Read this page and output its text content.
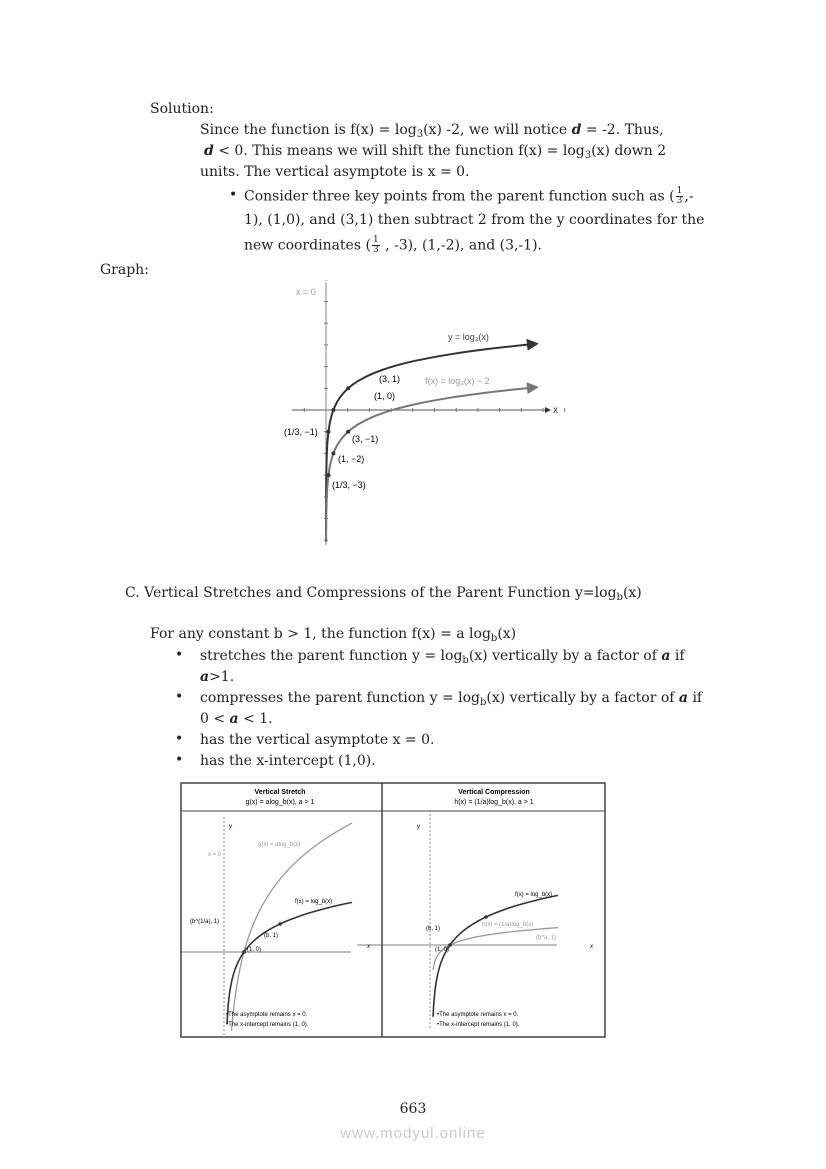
Solution:
Since the function is $f(x) = \log_3(x)$ -2, we will notice d = -2. Thus,
d < 0. This means we will shift the function $f(x) = \log_3(x)$ down 2
units. The vertical asymptote is x = 0.
Consider three key points from the parent function such as ( $\frac{1}{3}$ ,-
1), (1,0), and (3,1) then subtract 2 from the y coordinates for the
new coordinates ( $\frac{1}{3}$ , -3), (1,-2), and (3,-1).
Graph:
C. Vertical Stretches and Compressions of the Parent Function $y=\log_b(x)$
For any constant b > 1, the function f(x) = a $\log_b(x)$
stretches the parent function $y = \log_b(x)$ vertically by a factor of a if
a>1.
compresses the parent function $y = \log_b(x)$ vertically by a factor of a if
0 < a < 1.
has the vertical asymptote x = 0.
has the x-intercept (1,0).
•
•
•
•
•
x = 0
x
y = log₃(x)
f(x) = log₃(x) − 2
(3, 1)
(1, 0)
(1/3, −1)
(3, −1)
(1, −2)
(1/3, −3)
Vertical Stretch
g(x) = alog_b(x), a > 1
Vertical Compression
h(x) = (1/a)log_b(x), a > 1
x = 0
g(x) = alog_b(x)
f(x) = log_b(x)
(b^(1/a), 1)
(b, 1)
(1, 0)
f(x) = log_b(x)
h(x) = (1/a)log_b(x)
(b, 1)
(b^a, 1)
(1, 0)
•The asymptote remains x = 0.
•The x-intercept remains (1, 0).
•The asymptote remains x = 0.
•The x-intercept remains (1, 0).
y	y
x	x
663
www.modyul.online
